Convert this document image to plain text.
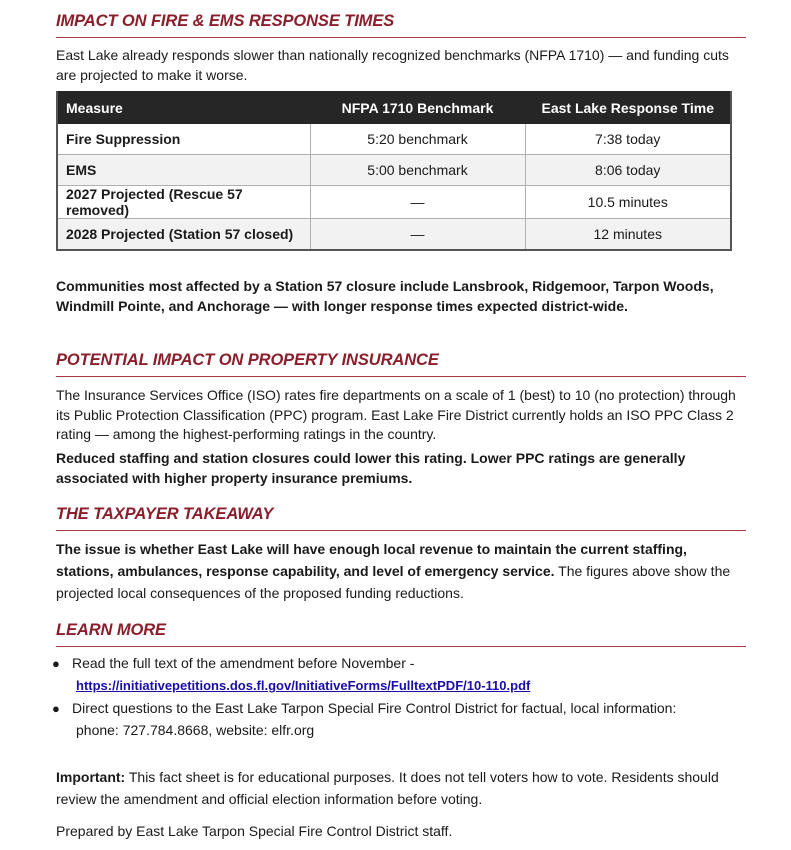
IMPACT ON FIRE & EMS RESPONSE TIMES
East Lake already responds slower than nationally recognized benchmarks (NFPA 1710) — and funding cuts are projected to make it worse.
Measure	NFPA 1710 Benchmark	East Lake Response Time
Fire Suppression	5:20 benchmark	7:38 today
EMS	5:00 benchmark	8:06 today
2027 Projected (Rescue 57 removed)	—	10.5 minutes
2028 Projected (Station 57 closed)	—	12 minutes
Communities most affected by a Station 57 closure include Lansbrook, Ridgemoor, Tarpon Woods, Windmill Pointe, and Anchorage — with longer response times expected district-wide.
POTENTIAL IMPACT ON PROPERTY INSURANCE
The Insurance Services Office (ISO) rates fire departments on a scale of 1 (best) to 10 (no protection) through its Public Protection Classification (PPC) program. East Lake Fire District currently holds an ISO PPC Class 2 rating — among the highest-performing ratings in the country.
Reduced staffing and station closures could lower this rating. Lower PPC ratings are generally associated with higher property insurance premiums.
THE TAXPAYER TAKEAWAY
The issue is whether East Lake will have enough local revenue to maintain the current staffing, stations, ambulances, response capability, and level of emergency service. The figures above show the projected local consequences of the proposed funding reductions.
LEARN MORE
● Read the full text of the amendment before November -
https://initiativepetitions.dos.fl.gov/InitiativeForms/FulltextPDF/10-110.pdf
● Direct questions to the East Lake Tarpon Special Fire Control District for factual, local information:
phone: 727.784.8668, website: elfr.org
Important: This fact sheet is for educational purposes. It does not tell voters how to vote. Residents should review the amendment and official election information before voting.
Prepared by East Lake Tarpon Special Fire Control District staff.
